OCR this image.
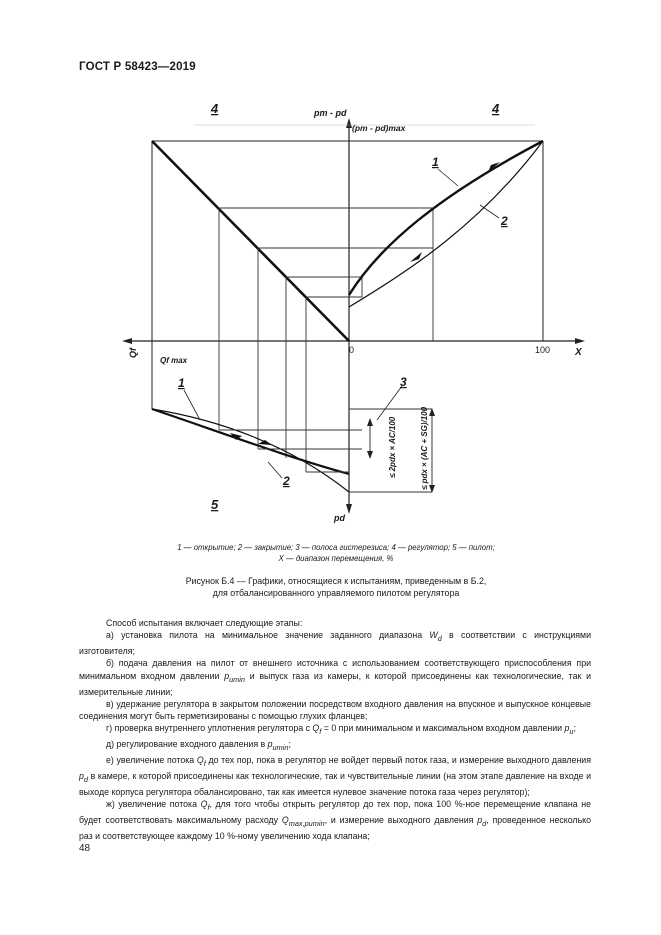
ГОСТ Р 58423—2019
pm - pd
(pm - pd)max
X
Qf
Qf max
pd
0	100
4	4
5
1
2
1
2
3
≤ 2pdx × AC/100	≤ pdx × (AC + SG)/100
1 — открытие; 2 — закрытие; 3 — полоса гистерезиса; 4 — регулятор; 5 — пилот;
X — диапазон перемещения, %
Рисунок Б.4 — Графики, относящиеся к испытаниям, приведенным в Б.2,
для отбалансированного управляемого пилотом регулятора

Способ испытания включает следующие этапы:

а) установка пилота на минимальное значение заданного диапазона $W_d$ в соответствии с инструкциями изготовителя;

б) подача давления на пилот от внешнего источника с использованием соответствующего приспособления при минимальном входном давлении $p_{umin}$ и выпуск газа из камеры, к которой присоединены как технологические, так и измерительные линии;

в) удержание регулятора в закрытом положении посредством входного давления на впускное и выпускное концевые соединения могут быть герметизированы с помощью глухих фланцев;

г) проверка внутреннего уплотнения регулятора с $Q_f = 0$ при минимальном и максимальном входном давлении $p_u$;

д) регулирование входного давления в $p_{umin}$;

е) увеличение потока $Q_f$ до тех пор, пока в регулятор не войдет первый поток газа, и измерение выходного давления $p_d$ в камере, к которой присоединены как технологические, так и чувствительные линии (на этом этапе давление на входе и выходе корпуса регулятора обалансировано, так как имеется нулевое значение потока газа через регулятор);

ж) увеличение потока $Q_f$, для того чтобы открыть регулятор до тех пор, пока 100 %-ное перемещение клапана не будет соответствовать максимальному расходу $Q_{max,pumin}$, и измерение выходного давления $p_d$, проведенное несколько раз и соответствующее каждому 10 %-ному увеличению хода клапана;

48
